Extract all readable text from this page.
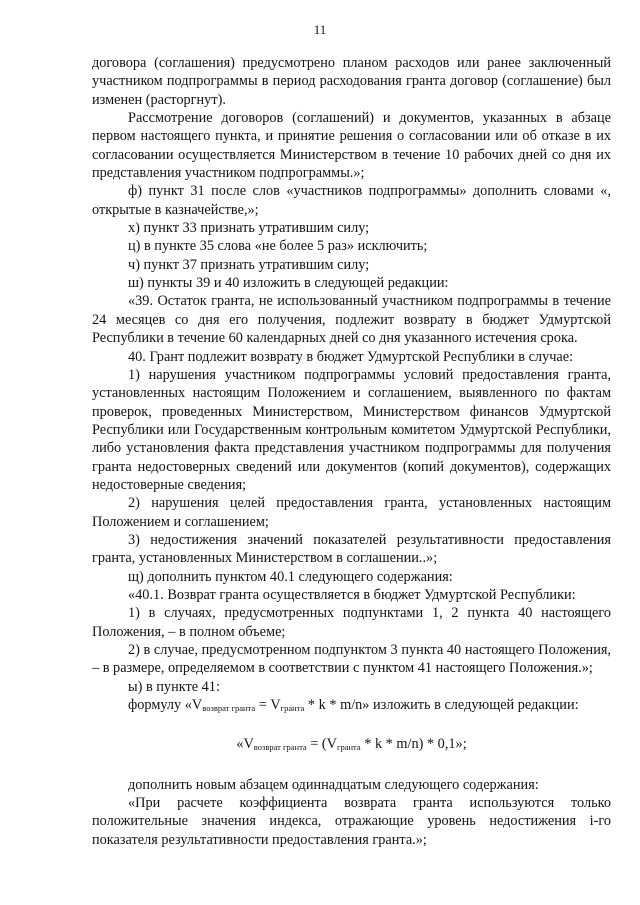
11

договора (соглашения) предусмотрено планом расходов или ранее заключенный участником подпрограммы в период расходования гранта договор (соглашение) был изменен (расторгнут).

Рассмотрение договоров (соглашений) и документов, указанных в абзаце первом настоящего пункта, и принятие решения о согласовании или об отказе в их согласовании осуществляется Министерством в течение 10 рабочих дней со дня их представления участником подпрограммы.»;

ф) пункт 31 после слов «участников подпрограммы» дополнить словами «, открытые в казначействе,»;

х) пункт 33 признать утратившим силу;

ц) в пункте 35 слова «не более 5 раз» исключить;

ч) пункт 37 признать утратившим силу;

ш) пункты 39 и 40 изложить в следующей редакции:

«39. Остаток гранта, не использованный участником подпрограммы в течение 24 месяцев со дня его получения, подлежит возврату в бюджет Удмуртской Республики в течение 60 календарных дней со дня указанного истечения срока.

40. Грант подлежит возврату в бюджет Удмуртской Республики в случае:

1) нарушения участником подпрограммы условий предоставления гранта, установленных настоящим Положением и соглашением, выявленного по фактам проверок, проведенных Министерством, Министерством финансов Удмуртской Республики или Государственным контрольным комитетом Удмуртской Республики, либо установления факта представления участником подпрограммы для получения гранта недостоверных сведений или документов (копий документов), содержащих недостоверные сведения;

2) нарушения целей предоставления гранта, установленных настоящим Положением и соглашением;

3) недостижения значений показателей результативности предоставления гранта, установленных Министерством в соглашении..»;

щ) дополнить пунктом 40.1 следующего содержания:

«40.1. Возврат гранта осуществляется в бюджет Удмуртской Республики:

1) в случаях, предусмотренных подпунктами 1, 2 пункта 40 настоящего Положения, – в полном объеме;

2) в случае, предусмотренном подпунктом 3 пункта 40 настоящего Положения, – в размере, определяемом в соответствии с пунктом 41 настоящего Положения.»;

ы) в пункте 41:

формулу «$V_{возврат гранта} = V_{гранта} * k * m/n$» изложить в следующей редакции:

«$V_{возврат гранта} = (V_{гранта} * k * m/n) * 0,1$»;

дополнить новым абзацем одиннадцатым следующего содержания:

«При расчете коэффициента возврата гранта используются только положительные значения индекса, отражающие уровень недостижения i-го показателя результативности предоставления гранта.»;
